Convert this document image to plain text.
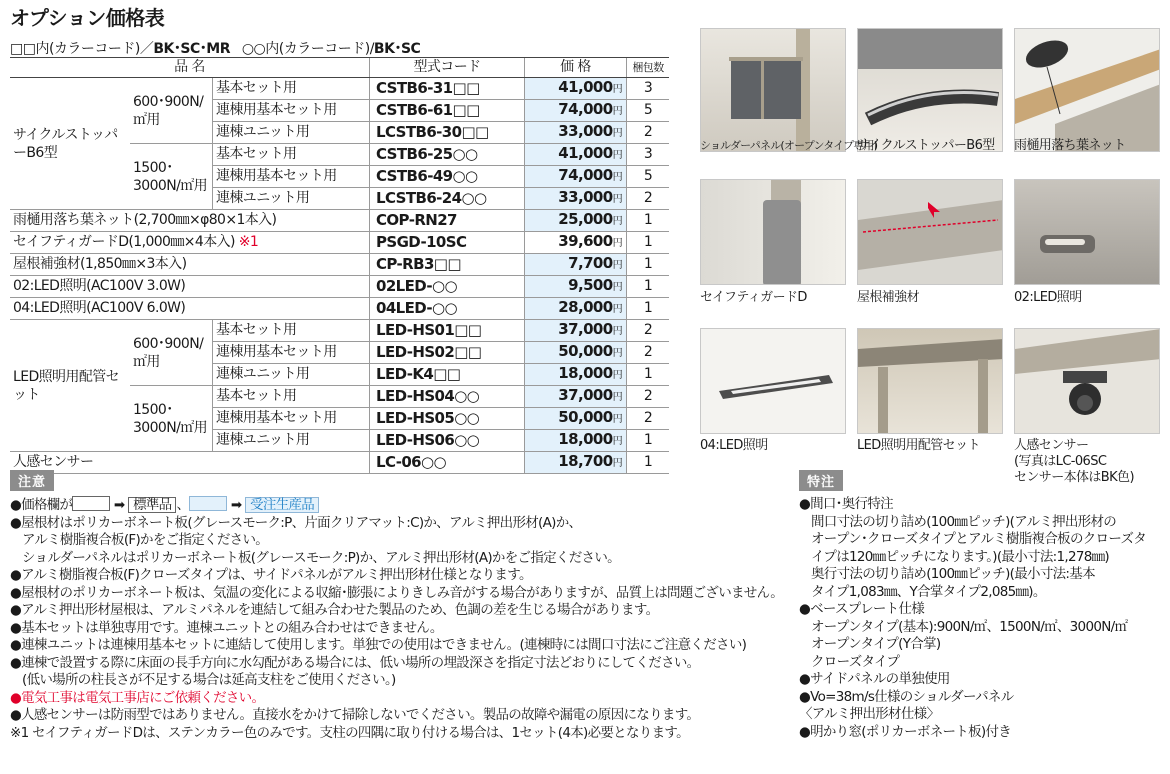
オプション価格表
□□内(カラーコード)／BK･SC･MR ○○内(カラーコード)/BK･SC
品 名			型式コード	価 格	梱包数
サイクルストッパーB6型	600･900N/㎡用	基本セット用	CSTB6-31□□	41,000円	3
		連棟用基本セット用	CSTB6-61□□	74,000円	5
		連棟ユニット用	LCSTB6-30□□	33,000円	2
	1500･3000N/㎡用	基本セット用	CSTB6-25○○	41,000円	3
		連棟用基本セット用	CSTB6-49○○	74,000円	5
		連棟ユニット用	LCSTB6-24○○	33,000円	2
雨樋用落ち葉ネット(2,700㎜×φ80×1本入)			COP-RN27	25,000円	1
セイフティガードD(1,000㎜×4本入) ※1			PSGD-10SC	39,600円	1
屋根補強材(1,850㎜×3本入)			CP-RB3□□	7,700円	1
02:LED照明(AC100V 3.0W)			02LED-○○	9,500円	1
04:LED照明(AC100V 6.0W)			04LED-○○	28,000円	1
LED照明用配管セット	600･900N/㎡用	基本セット用	LED-HS01□□	37,000円	2
		連棟用基本セット用	LED-HS02□□	50,000円	2
		連棟ユニット用	LED-K4□□	18,000円	1
	1500･3000N/㎡用	基本セット用	LED-HS04○○	37,000円	2
		連棟用基本セット用	LED-HS05○○	50,000円	2
		連棟ユニット用	LED-HS06○○	18,000円	1
人感センサー			LC-06○○	18,700円	1
ショルダーパネル(オープンタイプ専用)
サイクルストッパーB6型 雨樋用落ち葉ネット
セイフティガードD	屋根補強材	02:LED照明
04:LED照明	LED照明用配管セット	人感センサー
(写真はLC-06SC
センサー本体はBK色)
注意
●価格欄が	➡ 標準品 、	➡ 受注生産品
●屋根材はポリカーボネート板(グレースモーク:P、片面クリアマット:C)か、アルミ押出形材(A)か、
アルミ樹脂複合板(F)かをご指定ください。
ショルダーパネルはポリカーボネート板(グレースモーク:P)か、アルミ押出形材(A)かをご指定ください。
●アルミ樹脂複合板(F)クローズタイプは、サイドパネルがアルミ押出形材仕様となります。
●屋根材のポリカーボネート板は、気温の変化による収縮･膨張によりきしみ音がする場合がありますが、品質上は問題ございません。
●アルミ押出形材屋根は、アルミパネルを連結して組み合わせた製品のため、色調の差を生じる場合があります。
●基本セットは単独専用です。連棟ユニットとの組み合わせはできません。
●連棟ユニットは連棟用基本セットに連結して使用します。単独での使用はできません。(連棟時には間口寸法にご注意ください)
●連棟で設置する際に床面の長手方向に水勾配がある場合には、低い場所の埋設深さを指定寸法どおりにしてください。
(低い場所の柱長さが不足する場合は延高支柱をご使用ください。)
●電気工事は電気工事店にご依頼ください。
●人感センサーは防雨型ではありません。直接水をかけて掃除しないでください。製品の故障や漏電の原因になります。
※1 セイフティガードDは、ステンカラー色のみです。支柱の四隅に取り付ける場合は、1セット(4本)必要となります。
特注
●間口･奥行特注
間口寸法の切り詰め(100㎜ピッチ)(アルミ押出形材の
オープン･クローズタイプとアルミ樹脂複合板のクローズタ
イプは120㎜ピッチになります。)(最小寸法:1,278㎜)
奥行寸法の切り詰め(100㎜ピッチ)(最小寸法:基本
タイプ1,083㎜、Y合掌タイプ2,085㎜)。
●ベースプレート仕様
オープンタイプ(基本):900N/㎡、1500N/㎡、3000N/㎡
オープンタイプ(Y合掌)
クローズタイプ
●サイドパネルの単独使用
●Vo=38m/s仕様のショルダーパネル
〈アルミ押出形材仕様〉
●明かり窓(ポリカーボネート板)付き
